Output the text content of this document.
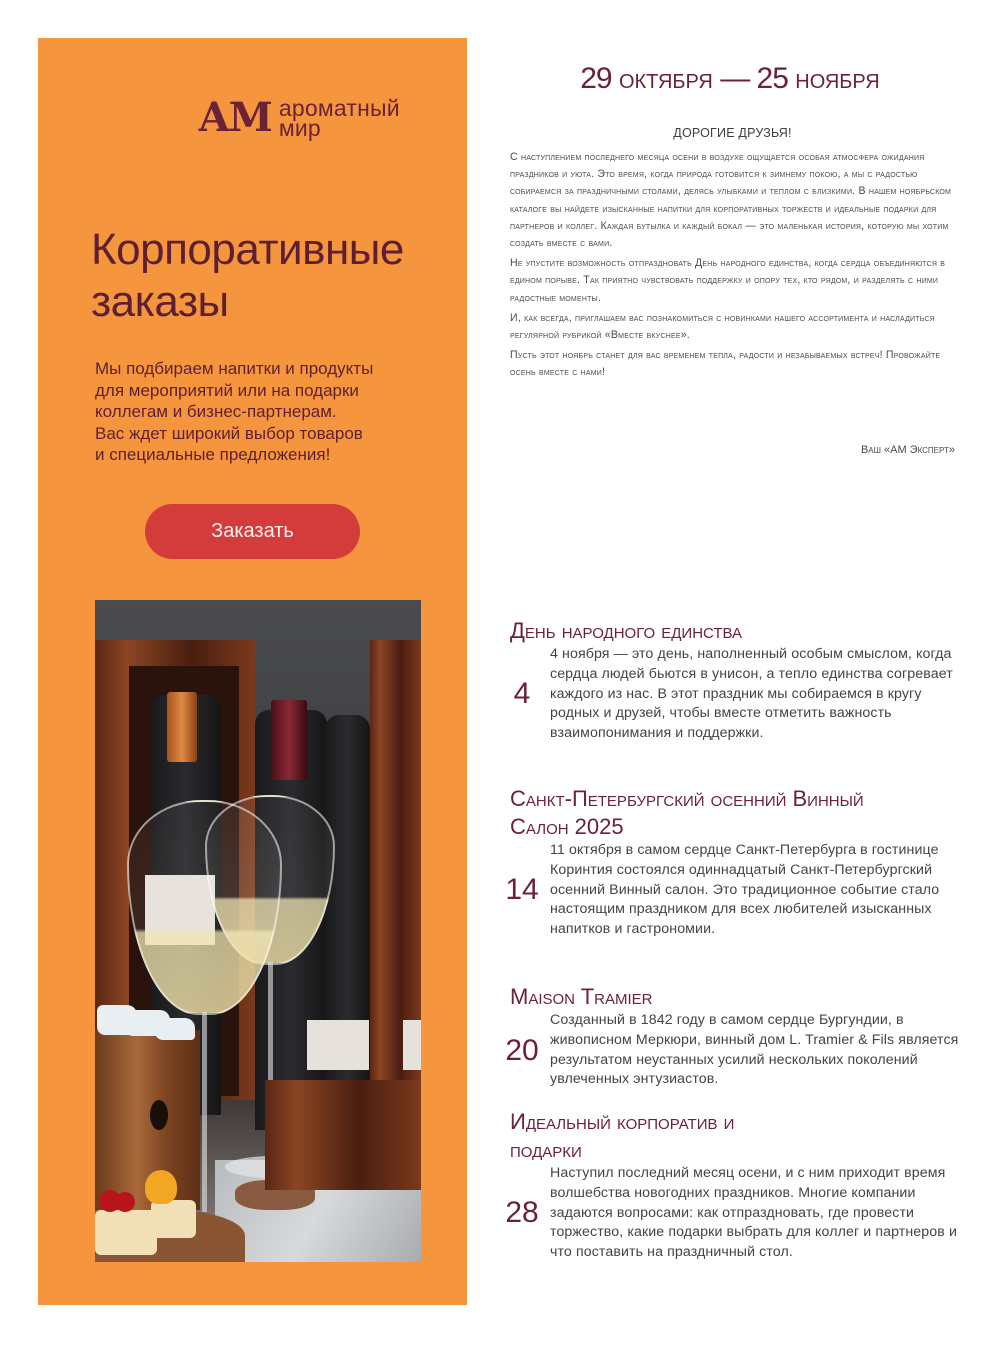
АМ ароматный
мир
Корпоративные
заказы

Мы подбираем напитки и продукты
для мероприятий или на подарки
коллегам и бизнес-партнерам.
Вас ждет широкий выбор товаров
и специальные предложения!

Заказать
29 ОКТЯБРЯ — 25 НОЯБРЯ
ДОРОГИЕ ДРУЗЬЯ!

С наступлением последнего месяца осени в воздухе ощущается особая атмосфера ожидания праздников и уюта. Это время, когда природа готовится к зимнему покою, а мы с радостью собираемся за праздничными столами, делясь улыбками и теплом с близкими. В нашем ноябрьском каталоге вы найдете изысканные напитки для корпоративных торжеств и идеальные подарки для партнеров и коллег. Каждая бутылка и каждый бокал — это маленькая история, которую мы хотим создать вместе с вами.

Не упустите возможность отпраздновать День народного единства, когда сердца объединяются в едином порыве. Так приятно чувствовать поддержку и опору тех, кто рядом, и разделять с ними радостные моменты.

И, как всегда, приглашаем вас познакомиться с новинками нашего ассортимента и насладиться регулярной рубрикой «Вместе вкуснее».

Пусть этот ноябрь станет для вас временем тепла, радости и незабываемых встреч! Провожайте осень вместе с нами!

Ваш «АМ Эксперт»
День народного единства
4

4 ноября — это день, наполненный особым смыслом, когда сердца людей бьются в унисон, а тепло единства согревает каждого из нас. В этот праздник мы собираемся в кругу родных и друзей, чтобы вместе отметить важность взаимопонимания и поддержки.

Санкт-Петербургский осенний Винный Салон 2025
14

11 октября в самом сердце Санкт-Петербурга в гостинице Коринтия состоялся одиннадцатый Санкт-Петербургский осенний Винный салон. Это традиционное событие стало настоящим праздником для всех любителей изысканных напитков и гастрономии.

Maison Tramier
20

Созданный в 1842 году в самом сердце Бургундии, в живописном Меркюри, винный дом L. Tramier & Fils является результатом неустанных усилий нескольких поколений увлеченных энтузиастов.

Идеальный корпоратив и подарки
28

Наступил последний месяц осени, и с ним приходит время волшебства новогодних праздников. Многие компании задаются вопросами: как отпраздновать, где провести торжество, какие подарки выбрать для коллег и партнеров и что поставить на праздничный стол.
